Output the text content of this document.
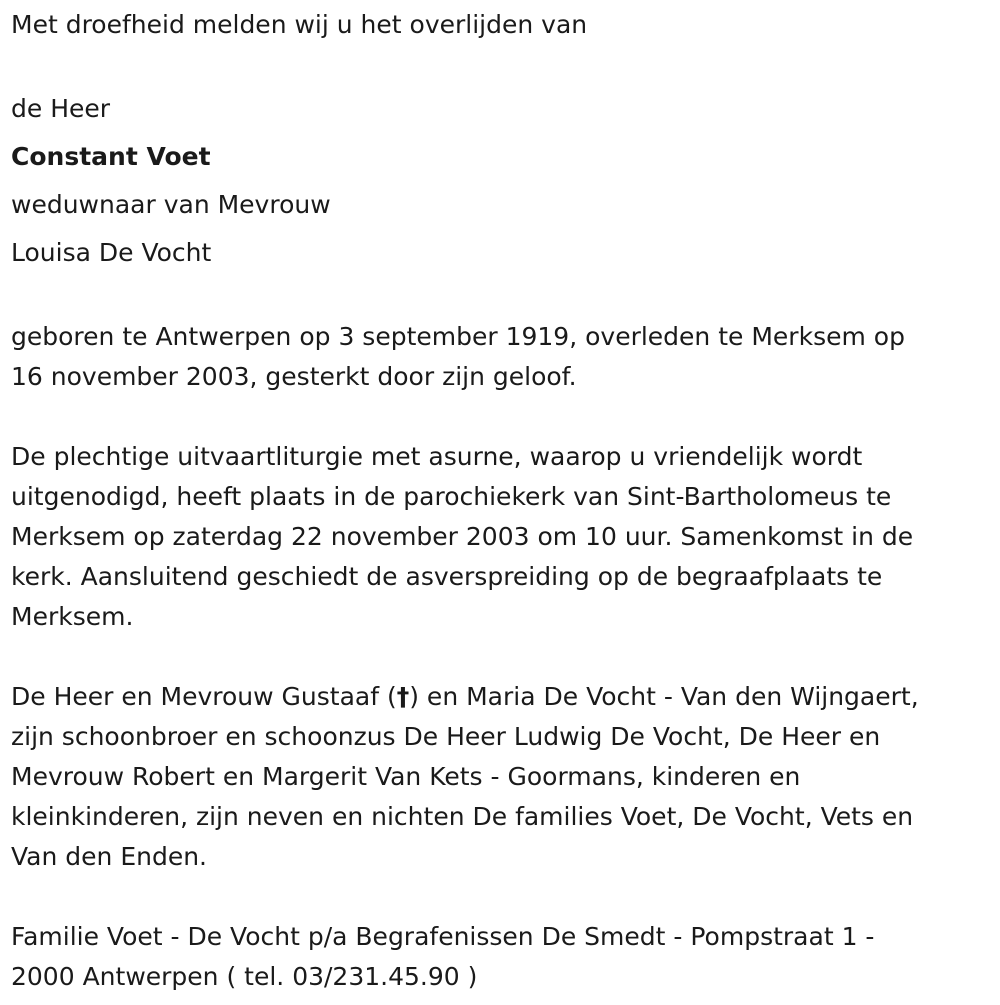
Met droefheid melden wij u het overlijden van
de Heer
Constant Voet
weduwnaar van Mevrouw
Louisa De Vocht
geboren te Antwerpen op 3 september 1919, overleden te Merksem op
16 november 2003, gesterkt door zijn geloof.
De plechtige uitvaartliturgie met asurne, waarop u vriendelijk wordt
uitgenodigd, heeft plaats in de parochiekerk van Sint-Bartholomeus te
Merksem op zaterdag 22 november 2003 om 10 uur. Samenkomst in de
kerk. Aansluitend geschiedt de asverspreiding op de begraafplaats te
Merksem.
De Heer en Mevrouw Gustaaf (†) en Maria De Vocht - Van den Wijngaert,
zijn schoonbroer en schoonzus De Heer Ludwig De Vocht, De Heer en
Mevrouw Robert en Margerit Van Kets - Goormans, kinderen en
kleinkinderen, zijn neven en nichten De families Voet, De Vocht, Vets en
Van den Enden.
Familie Voet - De Vocht p/a Begrafenissen De Smedt - Pompstraat 1 -
2000 Antwerpen ( tel. 03/231.45.90 )
